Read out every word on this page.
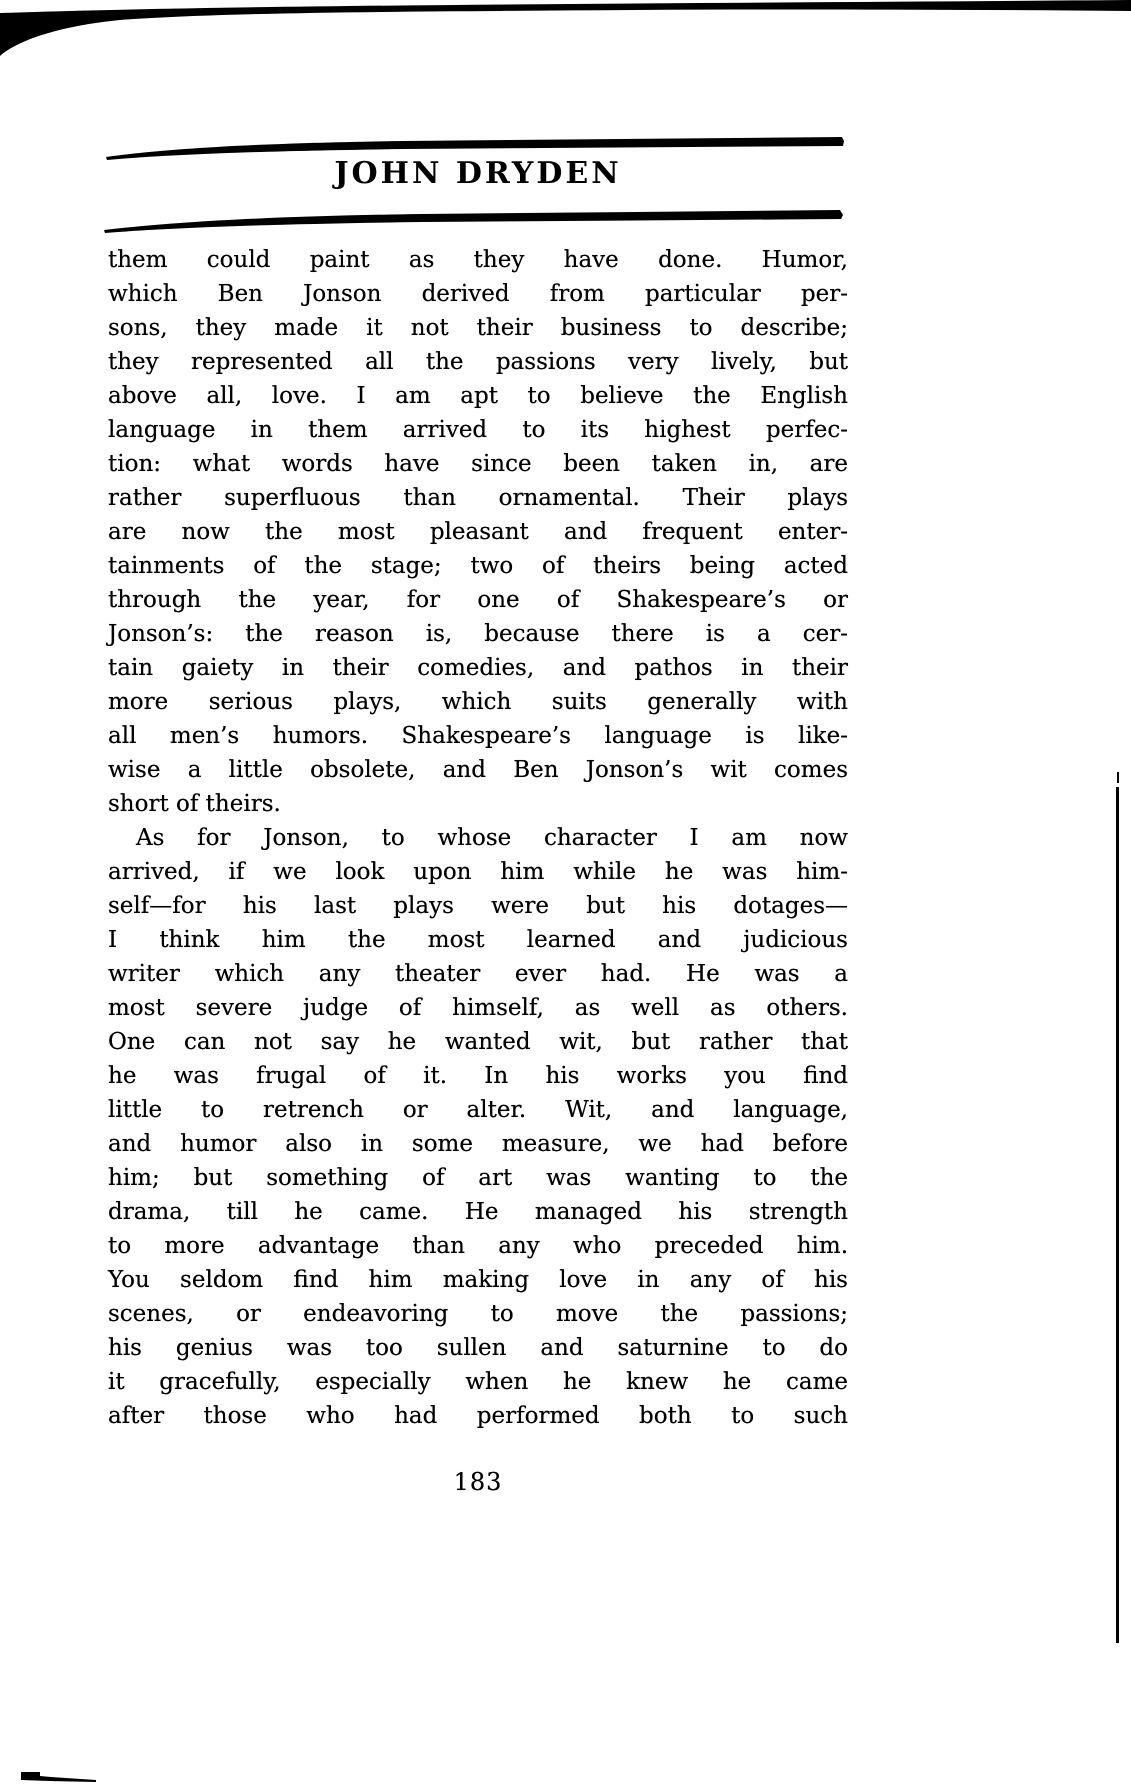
JOHN DRYDEN
them could paint as they have done. Humor,
which Ben Jonson derived from particular per-
sons, they made it not their business to describe;
they represented all the passions very lively, but
above all, love. I am apt to believe the English
language in them arrived to its highest perfec-
tion: what words have since been taken in, are
rather superfluous than ornamental. Their plays
are now the most pleasant and frequent enter-
tainments of the stage; two of theirs being acted
through the year, for one of Shakespeare’s or
Jonson’s: the reason is, because there is a cer-
tain gaiety in their comedies, and pathos in their
more serious plays, which suits generally with
all men’s humors. Shakespeare’s language is like-
wise a little obsolete, and Ben Jonson’s wit comes
short of theirs.
As for Jonson, to whose character I am now
arrived, if we look upon him while he was him-
self—for his last plays were but his dotages—
I think him the most learned and judicious
writer which any theater ever had. He was a
most severe judge of himself, as well as others.
One can not say he wanted wit, but rather that
he was frugal of it. In his works you find
little to retrench or alter. Wit, and language,
and humor also in some measure, we had before
him; but something of art was wanting to the
drama, till he came. He managed his strength
to more advantage than any who preceded him.
You seldom find him making love in any of his
scenes, or endeavoring to move the passions;
his genius was too sullen and saturnine to do
it gracefully, especially when he knew he came
after those who had performed both to such
183
